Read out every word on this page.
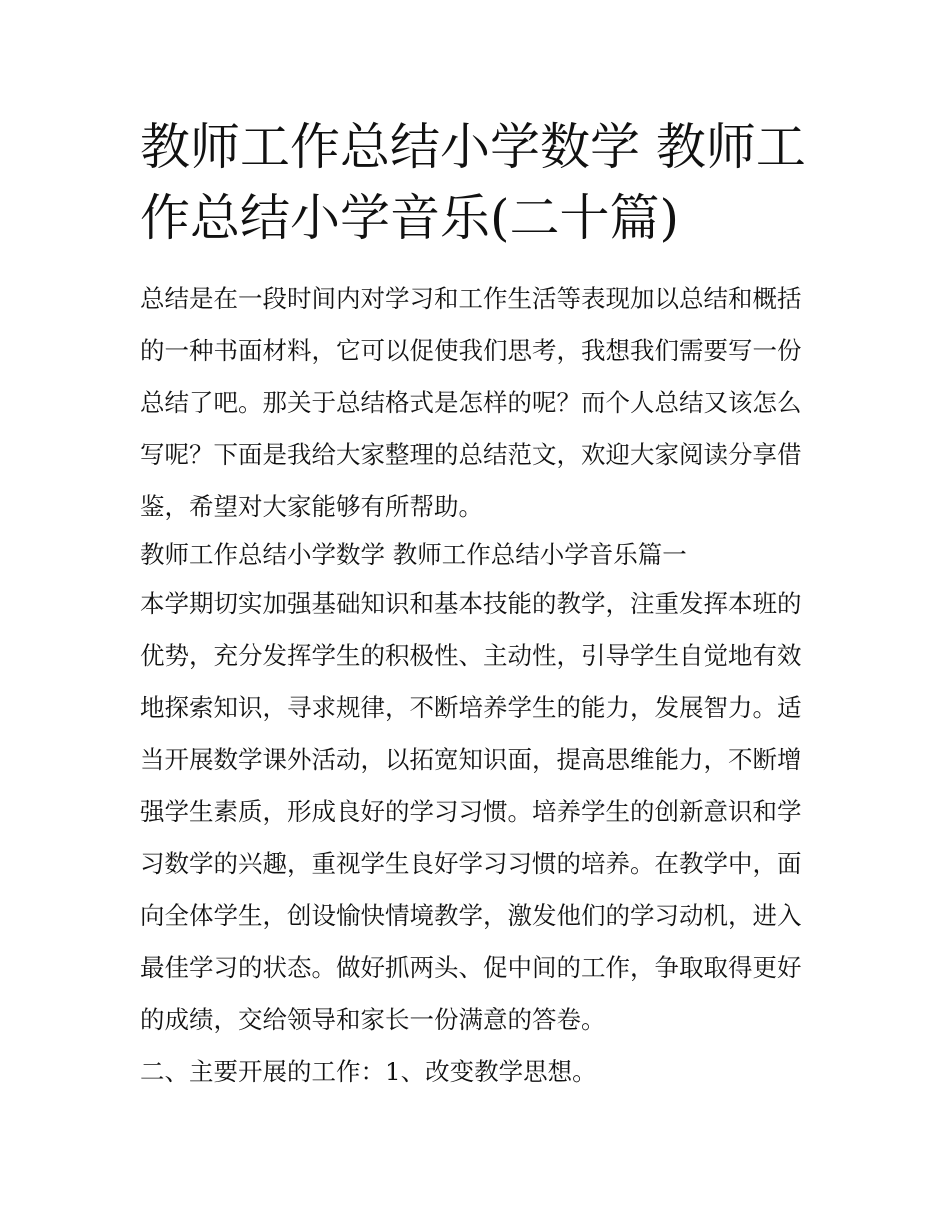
教师工作总结小学数学 教师工
作总结小学音乐(二十篇)
总结是在一段时间内对学习和工作生活等表现加以总结和概括
的一种书面材料，它可以促使我们思考，我想我们需要写一份
总结了吧。那关于总结格式是怎样的呢？而个人总结又该怎么
写呢？下面是我给大家整理的总结范文，欢迎大家阅读分享借
鉴，希望对大家能够有所帮助。
教师工作总结小学数学 教师工作总结小学音乐篇一
本学期切实加强基础知识和基本技能的教学，注重发挥本班的
优势，充分发挥学生的积极性、主动性，引导学生自觉地有效
地探索知识，寻求规律，不断培养学生的能力，发展智力。适
当开展数学课外活动，以拓宽知识面，提高思维能力，不断增
强学生素质，形成良好的学习习惯。培养学生的创新意识和学
习数学的兴趣，重视学生良好学习习惯的培养。在教学中，面
向全体学生，创设愉快情境教学，激发他们的学习动机，进入
最佳学习的状态。做好抓两头、促中间的工作，争取取得更好
的成绩，交给领导和家长一份满意的答卷。
二、主要开展的工作：1、改变教学思想。
